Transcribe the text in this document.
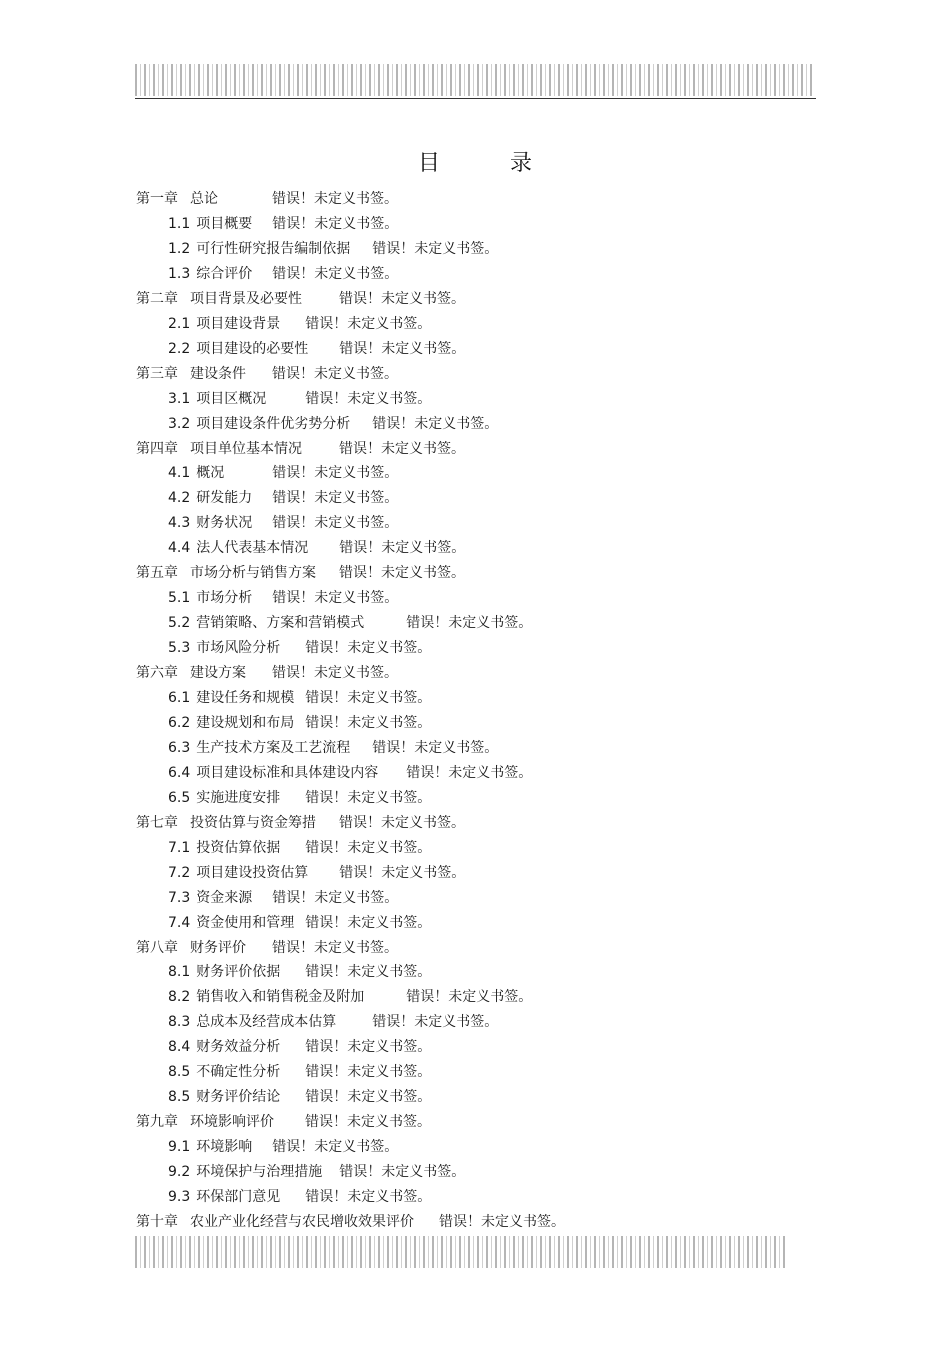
目　录
第一章 总论	错误！未定义书签。
1.1 项目概要 错误！未定义书签。
1.2 可行性研究报告编制依据 错误！未定义书签。
1.3 综合评价 错误！未定义书签。
第二章 项目背景及必要性	错误！未定义书签。
2.1 项目建设背景 错误！未定义书签。
2.2 项目建设的必要性 错误！未定义书签。
第三章 建设条件 错误！未定义书签。
3.1 项目区概况	错误！未定义书签。
3.2 项目建设条件优劣势分析 错误！未定义书签。
第四章 项目单位基本情况	错误！未定义书签。
4.1 概况	错误！未定义书签。
4.2 研发能力 错误！未定义书签。
4.3 财务状况 错误！未定义书签。
4.4 法人代表基本情况 错误！未定义书签。
第五章 市场分析与销售方案 错误！未定义书签。
5.1 市场分析 错误！未定义书签。
5.2 营销策略、方案和营销模式	错误！未定义书签。
5.3 市场风险分析 错误！未定义书签。
第六章 建设方案 错误！未定义书签。
6.1 建设任务和规模 错误！未定义书签。
6.2 建设规划和布局 错误！未定义书签。
6.3 生产技术方案及工艺流程 错误！未定义书签。
6.4 项目建设标准和具体建设内容 错误！未定义书签。
6.5 实施进度安排 错误！未定义书签。
第七章 投资估算与资金筹措 错误！未定义书签。
7.1 投资估算依据 错误！未定义书签。
7.2 项目建设投资估算 错误！未定义书签。
7.3 资金来源 错误！未定义书签。
7.4 资金使用和管理 错误！未定义书签。
第八章 财务评价 错误！未定义书签。
8.1 财务评价依据 错误！未定义书签。
8.2 销售收入和销售税金及附加	错误！未定义书签。
8.3 总成本及经营成本估算	错误！未定义书签。
8.4 财务效益分析 错误！未定义书签。
8.5 不确定性分析 错误！未定义书签。
8.5 财务评价结论 错误！未定义书签。
第九章 环境影响评价 错误！未定义书签。
9.1 环境影响 错误！未定义书签。
9.2 环境保护与治理措施 错误！未定义书签。
9.3 环保部门意见 错误！未定义书签。
第十章 农业产业化经营与农民增收效果评价 错误！未定义书签。
